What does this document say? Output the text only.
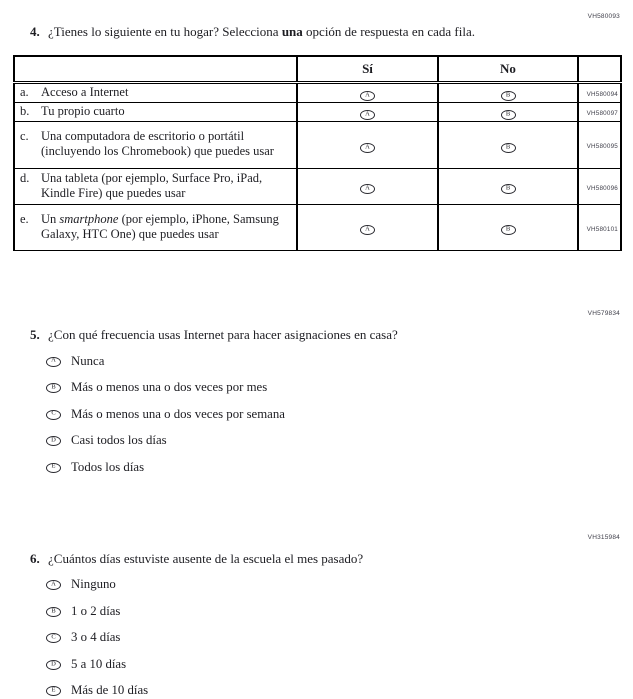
VH580093
4. ¿Tienes lo siguiente en tu hogar? Selecciona una opción de respuesta en cada fila.
	Sí	No	

a. Acceso a Internet	A	B	VH580094

b. Tu propio cuarto	A	B	VH580097

c. Una computadora de escritorio o portátil (incluyendo los Chromebook) que puedes usar	A	B	VH580095

d. Una tableta (por ejemplo, Surface Pro, iPad, Kindle Fire) que puedes usar	A	B	VH580096

e. Un smartphone (por ejemplo, iPhone, Samsung Galaxy, HTC One) que puedes usar	A	B	VH580101
VH579834
5. ¿Con qué frecuencia usas Internet para hacer asignaciones en casa?
A Nunca
B Más o menos una o dos veces por mes
C Más o menos una o dos veces por semana
D Casi todos los días
E Todos los días
VH315984
6. ¿Cuántos días estuviste ausente de la escuela el mes pasado?
A Ninguno
B 1 o 2 días
C 3 o 4 días
D 5 a 10 días
E Más de 10 días
